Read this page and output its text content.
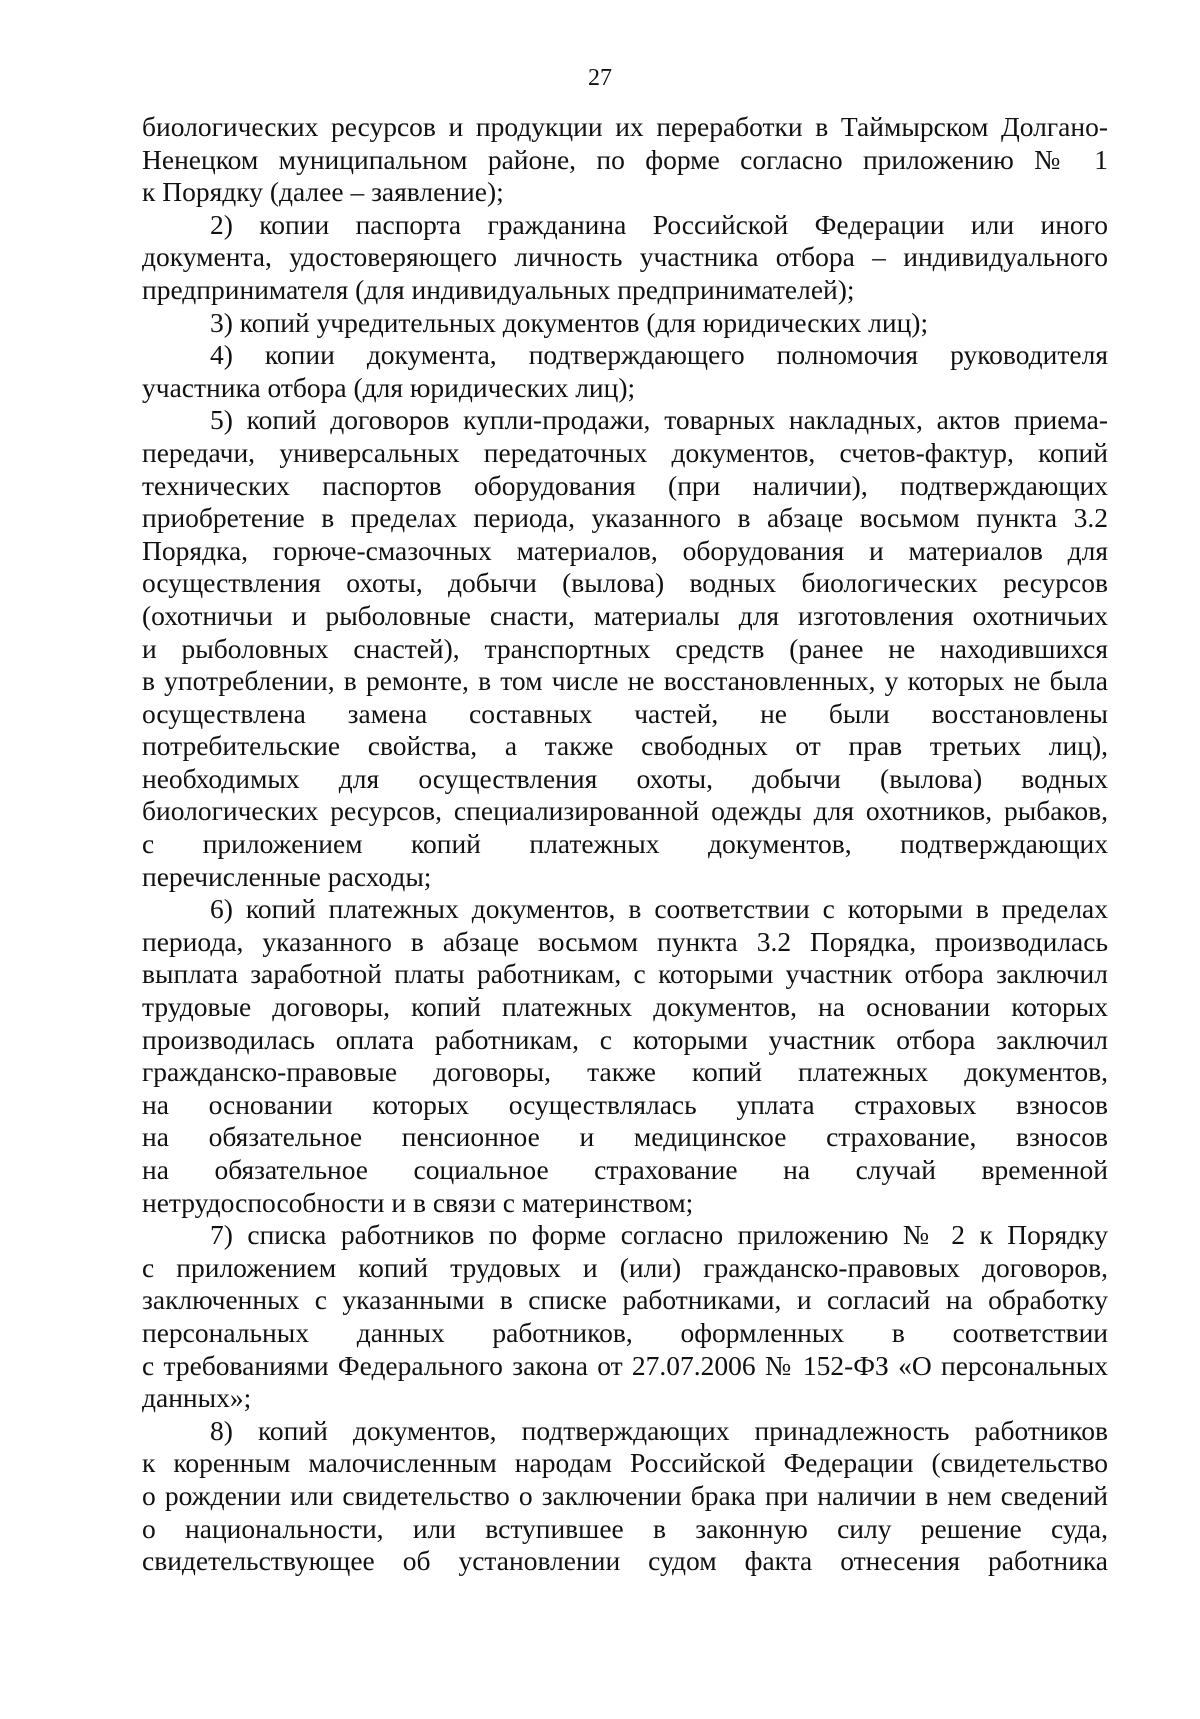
27
биологических ресурсов и продукции их переработки в Таймырском Долгано-
Ненецком муниципальном районе, по форме согласно приложению № 1
к Порядку (далее – заявление);
2) копии паспорта гражданина Российской Федерации или иного
документа, удостоверяющего личность участника отбора – индивидуального
предпринимателя (для индивидуальных предпринимателей);
3) копий учредительных документов (для юридических лиц);
4) копии документа, подтверждающего полномочия руководителя
участника отбора (для юридических лиц);
5) копий договоров купли-продажи, товарных накладных, актов приема-
передачи, универсальных передаточных документов, счетов-фактур, копий
технических паспортов оборудования (при наличии), подтверждающих
приобретение в пределах периода, указанного в абзаце восьмом пункта 3.2
Порядка, горюче-смазочных материалов, оборудования и материалов для
осуществления охоты, добычи (вылова) водных биологических ресурсов
(охотничьи и рыболовные снасти, материалы для изготовления охотничьих
и рыболовных снастей), транспортных средств (ранее не находившихся
в употреблении, в ремонте, в том числе не восстановленных, у которых не была
осуществлена замена составных частей, не были восстановлены
потребительские свойства, а также свободных от прав третьих лиц),
необходимых для осуществления охоты, добычи (вылова) водных
биологических ресурсов, специализированной одежды для охотников, рыбаков,
с приложением копий платежных документов, подтверждающих
перечисленные расходы;
6) копий платежных документов, в соответствии с которыми в пределах
периода, указанного в абзаце восьмом пункта 3.2 Порядка, производилась
выплата заработной платы работникам, с которыми участник отбора заключил
трудовые договоры, копий платежных документов, на основании которых
производилась оплата работникам, с которыми участник отбора заключил
гражданско-правовые договоры, также копий платежных документов,
на основании которых осуществлялась уплата страховых взносов
на обязательное пенсионное и медицинское страхование, взносов
на обязательное социальное страхование на случай временной
нетрудоспособности и в связи с материнством;
7) списка работников по форме согласно приложению № 2 к Порядку
с приложением копий трудовых и (или) гражданско-правовых договоров,
заключенных с указанными в списке работниками, и согласий на обработку
персональных данных работников, оформленных в соответствии
с требованиями Федерального закона от 27.07.2006 № 152-ФЗ «О персональных
данных»;
8) копий документов, подтверждающих принадлежность работников
к коренным малочисленным народам Российской Федерации (свидетельство
о рождении или свидетельство о заключении брака при наличии в нем сведений
о национальности, или вступившее в законную силу решение суда,
свидетельствующее об установлении судом факта отнесения работника
